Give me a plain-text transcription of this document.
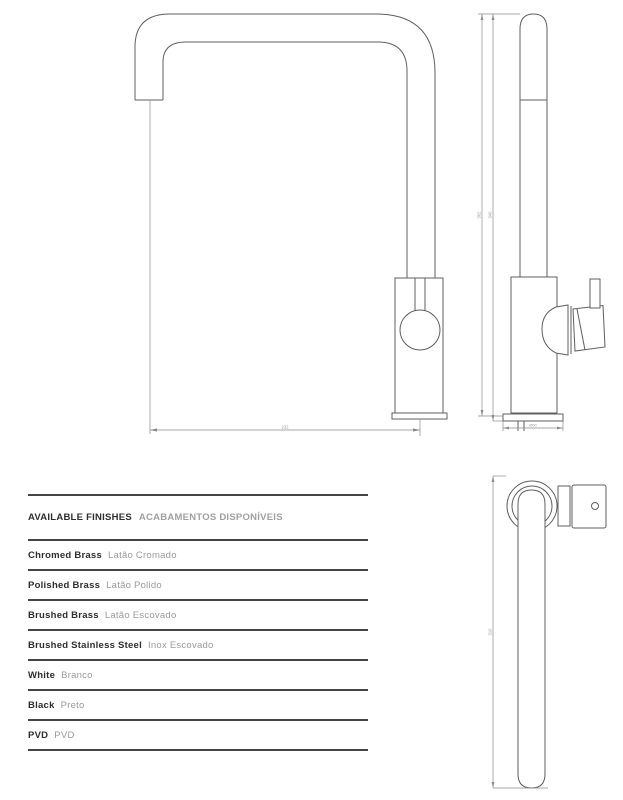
232
362 340
Ø50
310
AVAILABLE FINISHES ACABAMENTOS DISPONÍVEIS
Chromed Brass Latão Cromado
Polished Brass Latão Polido
Brushed Brass Latão Escovado
Brushed Stainless Steel Inox Escovado
White Branco
Black Preto
PVD PVD
